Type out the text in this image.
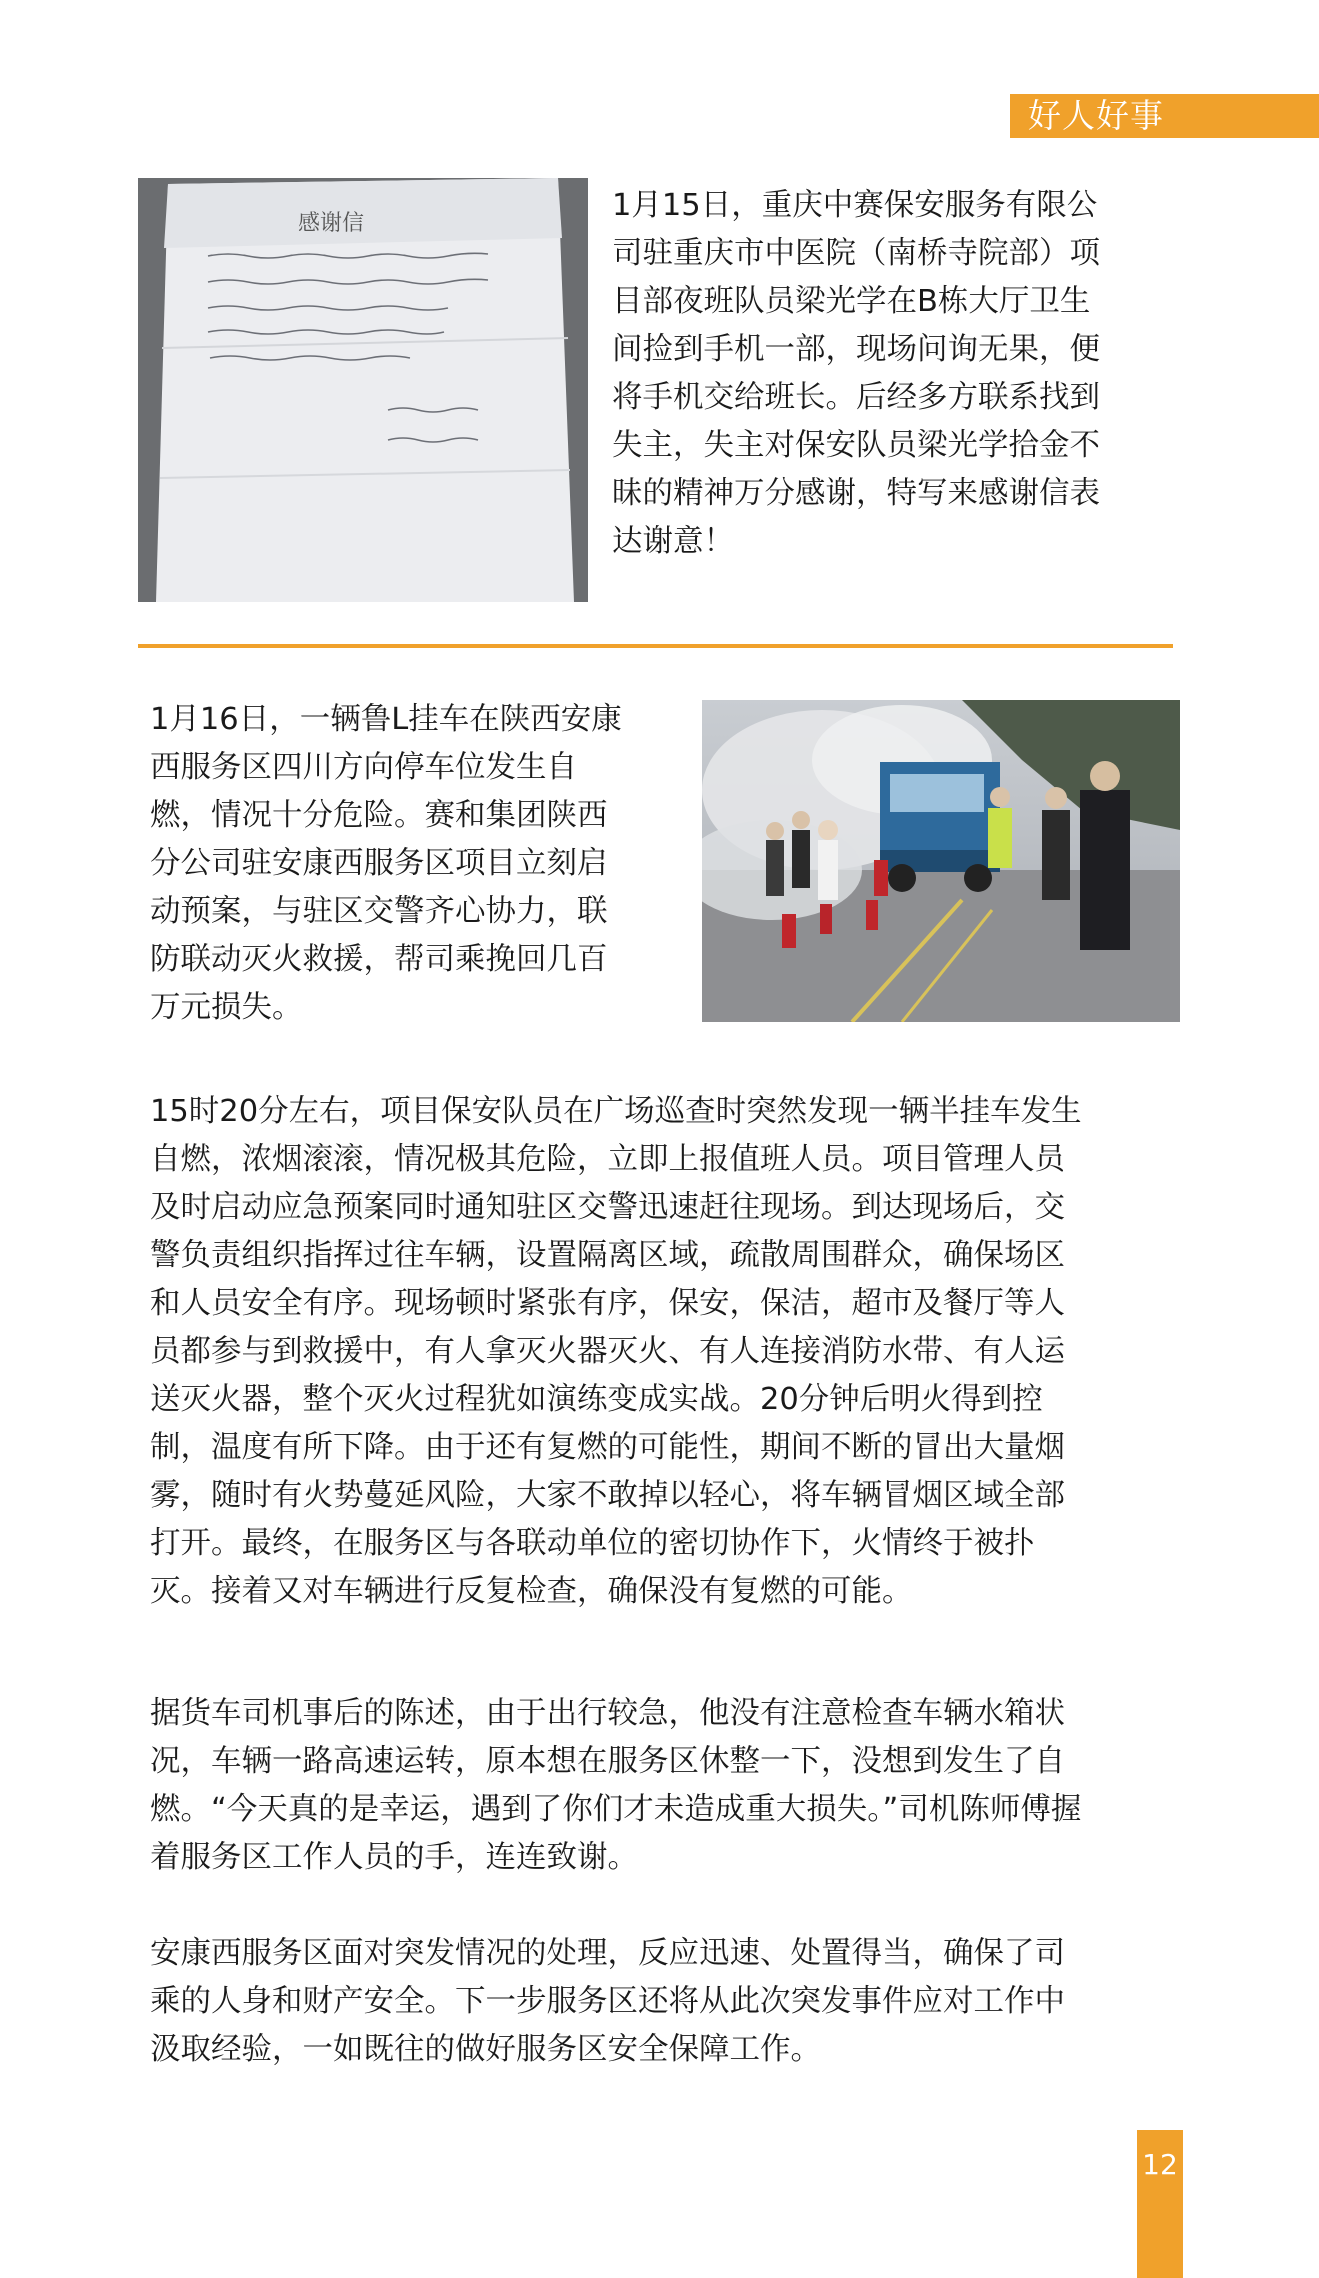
好人好事
感谢信
1月15日，重庆中赛保安服务有限公
司驻重庆市中医院（南桥寺院部）项
目部夜班队员梁光学在B栋大厅卫生
间捡到手机一部，现场问询无果，便
将手机交给班长。后经多方联系找到
失主，失主对保安队员梁光学拾金不
昧的精神万分感谢，特写来感谢信表
达谢意！
1月16日，一辆鲁L挂车在陕西安康
西服务区四川方向停车位发生自
燃，情况十分危险。赛和集团陕西
分公司驻安康西服务区项目立刻启
动预案，与驻区交警齐心协力，联
防联动灭火救援，帮司乘挽回几百
万元损失。
15时20分左右，项目保安队员在广场巡查时突然发现一辆半挂车发生
自燃，浓烟滚滚，情况极其危险，立即上报值班人员。项目管理人员
及时启动应急预案同时通知驻区交警迅速赶往现场。到达现场后，交
警负责组织指挥过往车辆，设置隔离区域，疏散周围群众，确保场区
和人员安全有序。现场顿时紧张有序，保安，保洁，超市及餐厅等人
员都参与到救援中，有人拿灭火器灭火、有人连接消防水带、有人运
送灭火器，整个灭火过程犹如演练变成实战。20分钟后明火得到控
制，温度有所下降。由于还有复燃的可能性，期间不断的冒出大量烟
雾，随时有火势蔓延风险，大家不敢掉以轻心，将车辆冒烟区域全部
打开。最终，在服务区与各联动单位的密切协作下，火情终于被扑
灭。接着又对车辆进行反复检查，确保没有复燃的可能。
据货车司机事后的陈述，由于出行较急，他没有注意检查车辆水箱状
况，车辆一路高速运转，原本想在服务区休整一下，没想到发生了自
燃。“今天真的是幸运，遇到了你们才未造成重大损失。”司机陈师傅握
着服务区工作人员的手，连连致谢。
安康西服务区面对突发情况的处理，反应迅速、处置得当，确保了司
乘的人身和财产安全。下一步服务区还将从此次突发事件应对工作中
汲取经验，一如既往的做好服务区安全保障工作。
12
